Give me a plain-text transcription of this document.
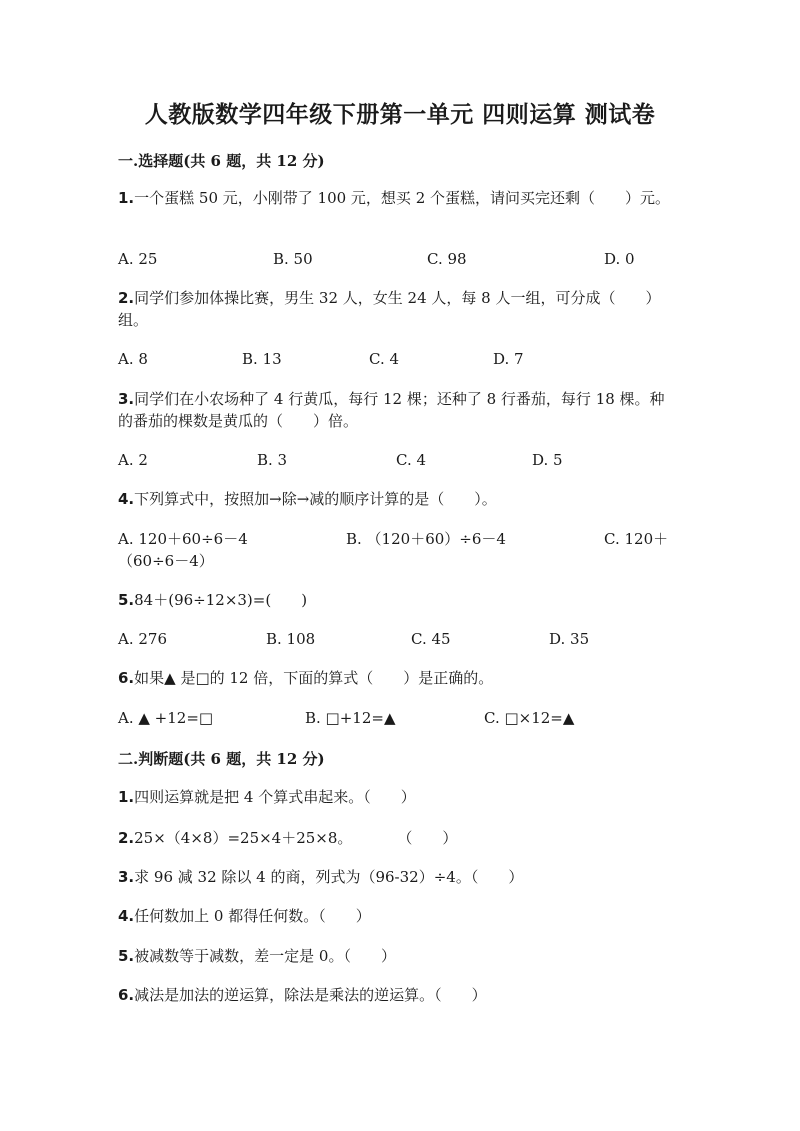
人教版数学四年级下册第一单元 四则运算 测试卷
一.选择题(共 6 题，共 12 分)
1.一个蛋糕 50 元，小刚带了 100 元，想买 2 个蛋糕，请问买完还剩（　　）元。
A. 25	B. 50	C. 98	D. 0
2.同学们参加体操比赛，男生 32 人，女生 24 人，每 8 人一组，可分成（　　）组。
A. 8	B. 13	C. 4	D. 7
3.同学们在小农场种了 4 行黄瓜，每行 12 棵；还种了 8 行番茄，每行 18 棵。种的番茄的棵数是黄瓜的（　　）倍。
A. 2	B. 3	C. 4	D. 5
4.下列算式中，按照加→除→减的顺序计算的是（　　）。
A. 120＋60÷6－4	B. （120＋60）÷6－4	C. 120＋
（60÷6－4）
5.84＋(96÷12×3)=(　　)
A. 276	B. 108	C. 45	D. 35
6.如果▲ 是□的 12 倍，下面的算式（　　）是正确的。
A. ▲ +12=□	B. □+12=▲	C. □×12=▲
二.判断题(共 6 题，共 12 分)
1.四则运算就是把 4 个算式串起来。（　　）
2.25×（4×8）=25×4＋25×8。　　　　（　　）
3.求 96 减 32 除以 4 的商，列式为（96-32）÷4。（　　）
4.任何数加上 0 都得任何数。（　　）
5.被减数等于减数，差一定是 0。（　　）
6.减法是加法的逆运算，除法是乘法的逆运算。（　　）
